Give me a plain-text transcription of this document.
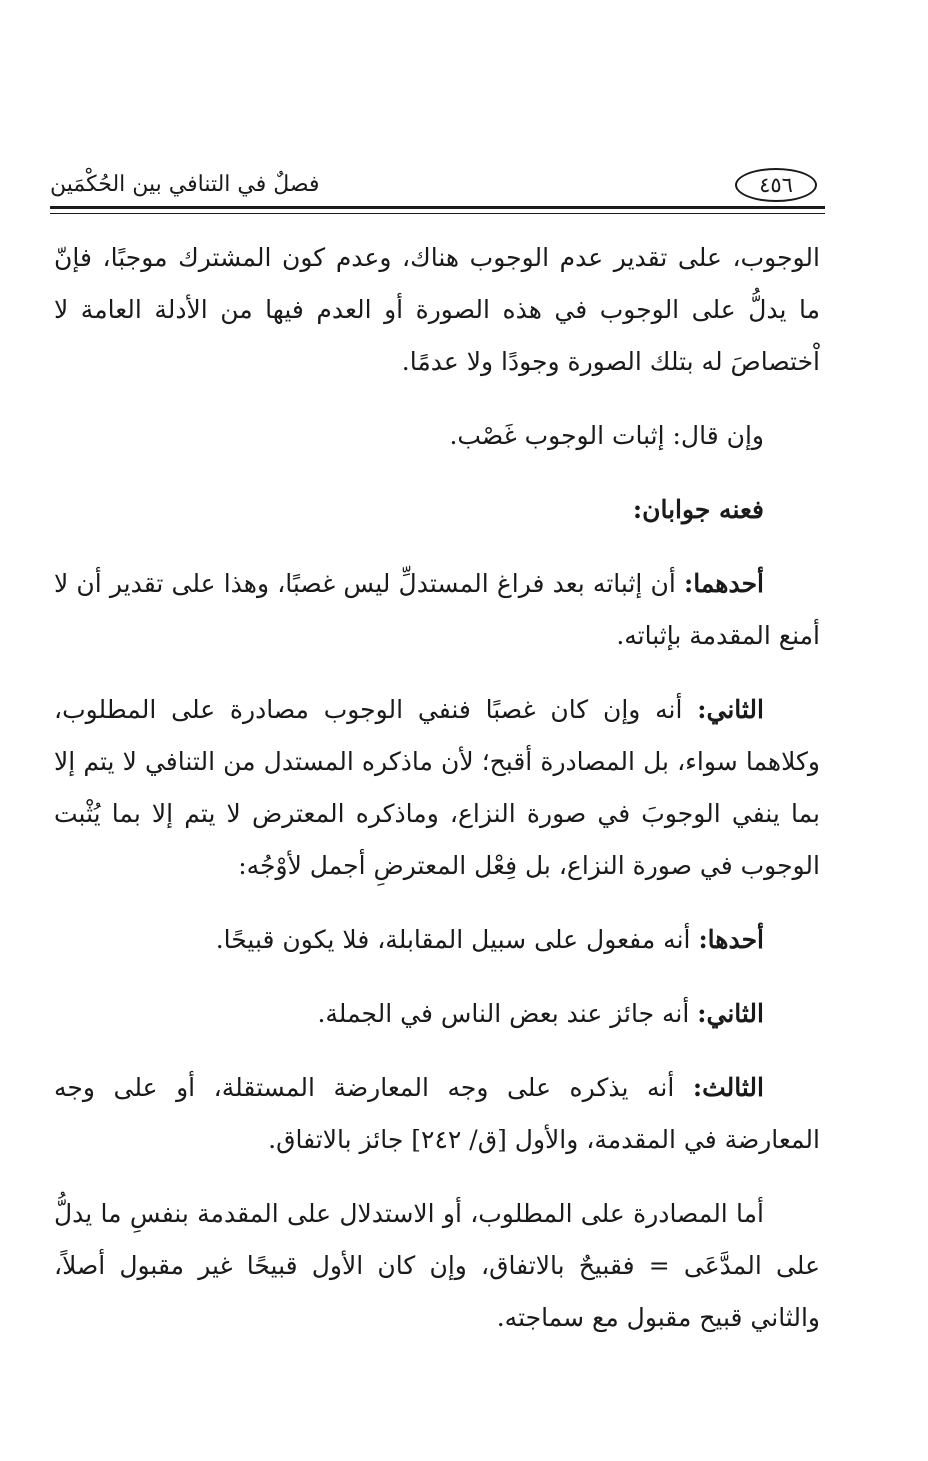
٤٥٦
فصلٌ في التنافي بين الحُكْمَين

الوجوب، على تقدير عدم الوجوب هناك، وعدم كون المشترك موجبًا، فإنّ ما يدلُّ على الوجوب في هذه الصورة أو العدم فيها من الأدلة العامة لا اْختصاصَ له بتلك الصورة وجودًا ولا عدمًا.

وإن قال: إثبات الوجوب غَصْب.

فعنه جوابان:

أحدهما: أن إثباته بعد فراغ المستدلِّ ليس غصبًا، وهذا على تقدير أن لا أمنع المقدمة بإثباته.

الثاني: أنه وإن كان غصبًا فنفي الوجوب مصادرة على المطلوب، وكلاهما سواء، بل المصادرة أقبح؛ لأن ماذكره المستدل من التنافي لا يتم إلا بما ينفي الوجوبَ في صورة النزاع، وماذكره المعترض لا يتم إلا بما يُثْبت الوجوب في صورة النزاع، بل فِعْل المعترضِ أجمل لأوْجُه:

أحدها: أنه مفعول على سبيل المقابلة، فلا يكون قبيحًا.

الثاني: أنه جائز عند بعض الناس في الجملة.

الثالث: أنه يذكره على وجه المعارضة المستقلة، أو على وجه المعارضة في المقدمة، والأول [ق/ ٢٤٢] جائز بالاتفاق.

أما المصادرة على المطلوب، أو الاستدلال على المقدمة بنفسِ ما يدلُّ على المدَّعَى = فقبيحٌ بالاتفاق، وإن كان الأول قبيحًا غير مقبول أصلاً، والثاني قبيح مقبول مع سماجته.
